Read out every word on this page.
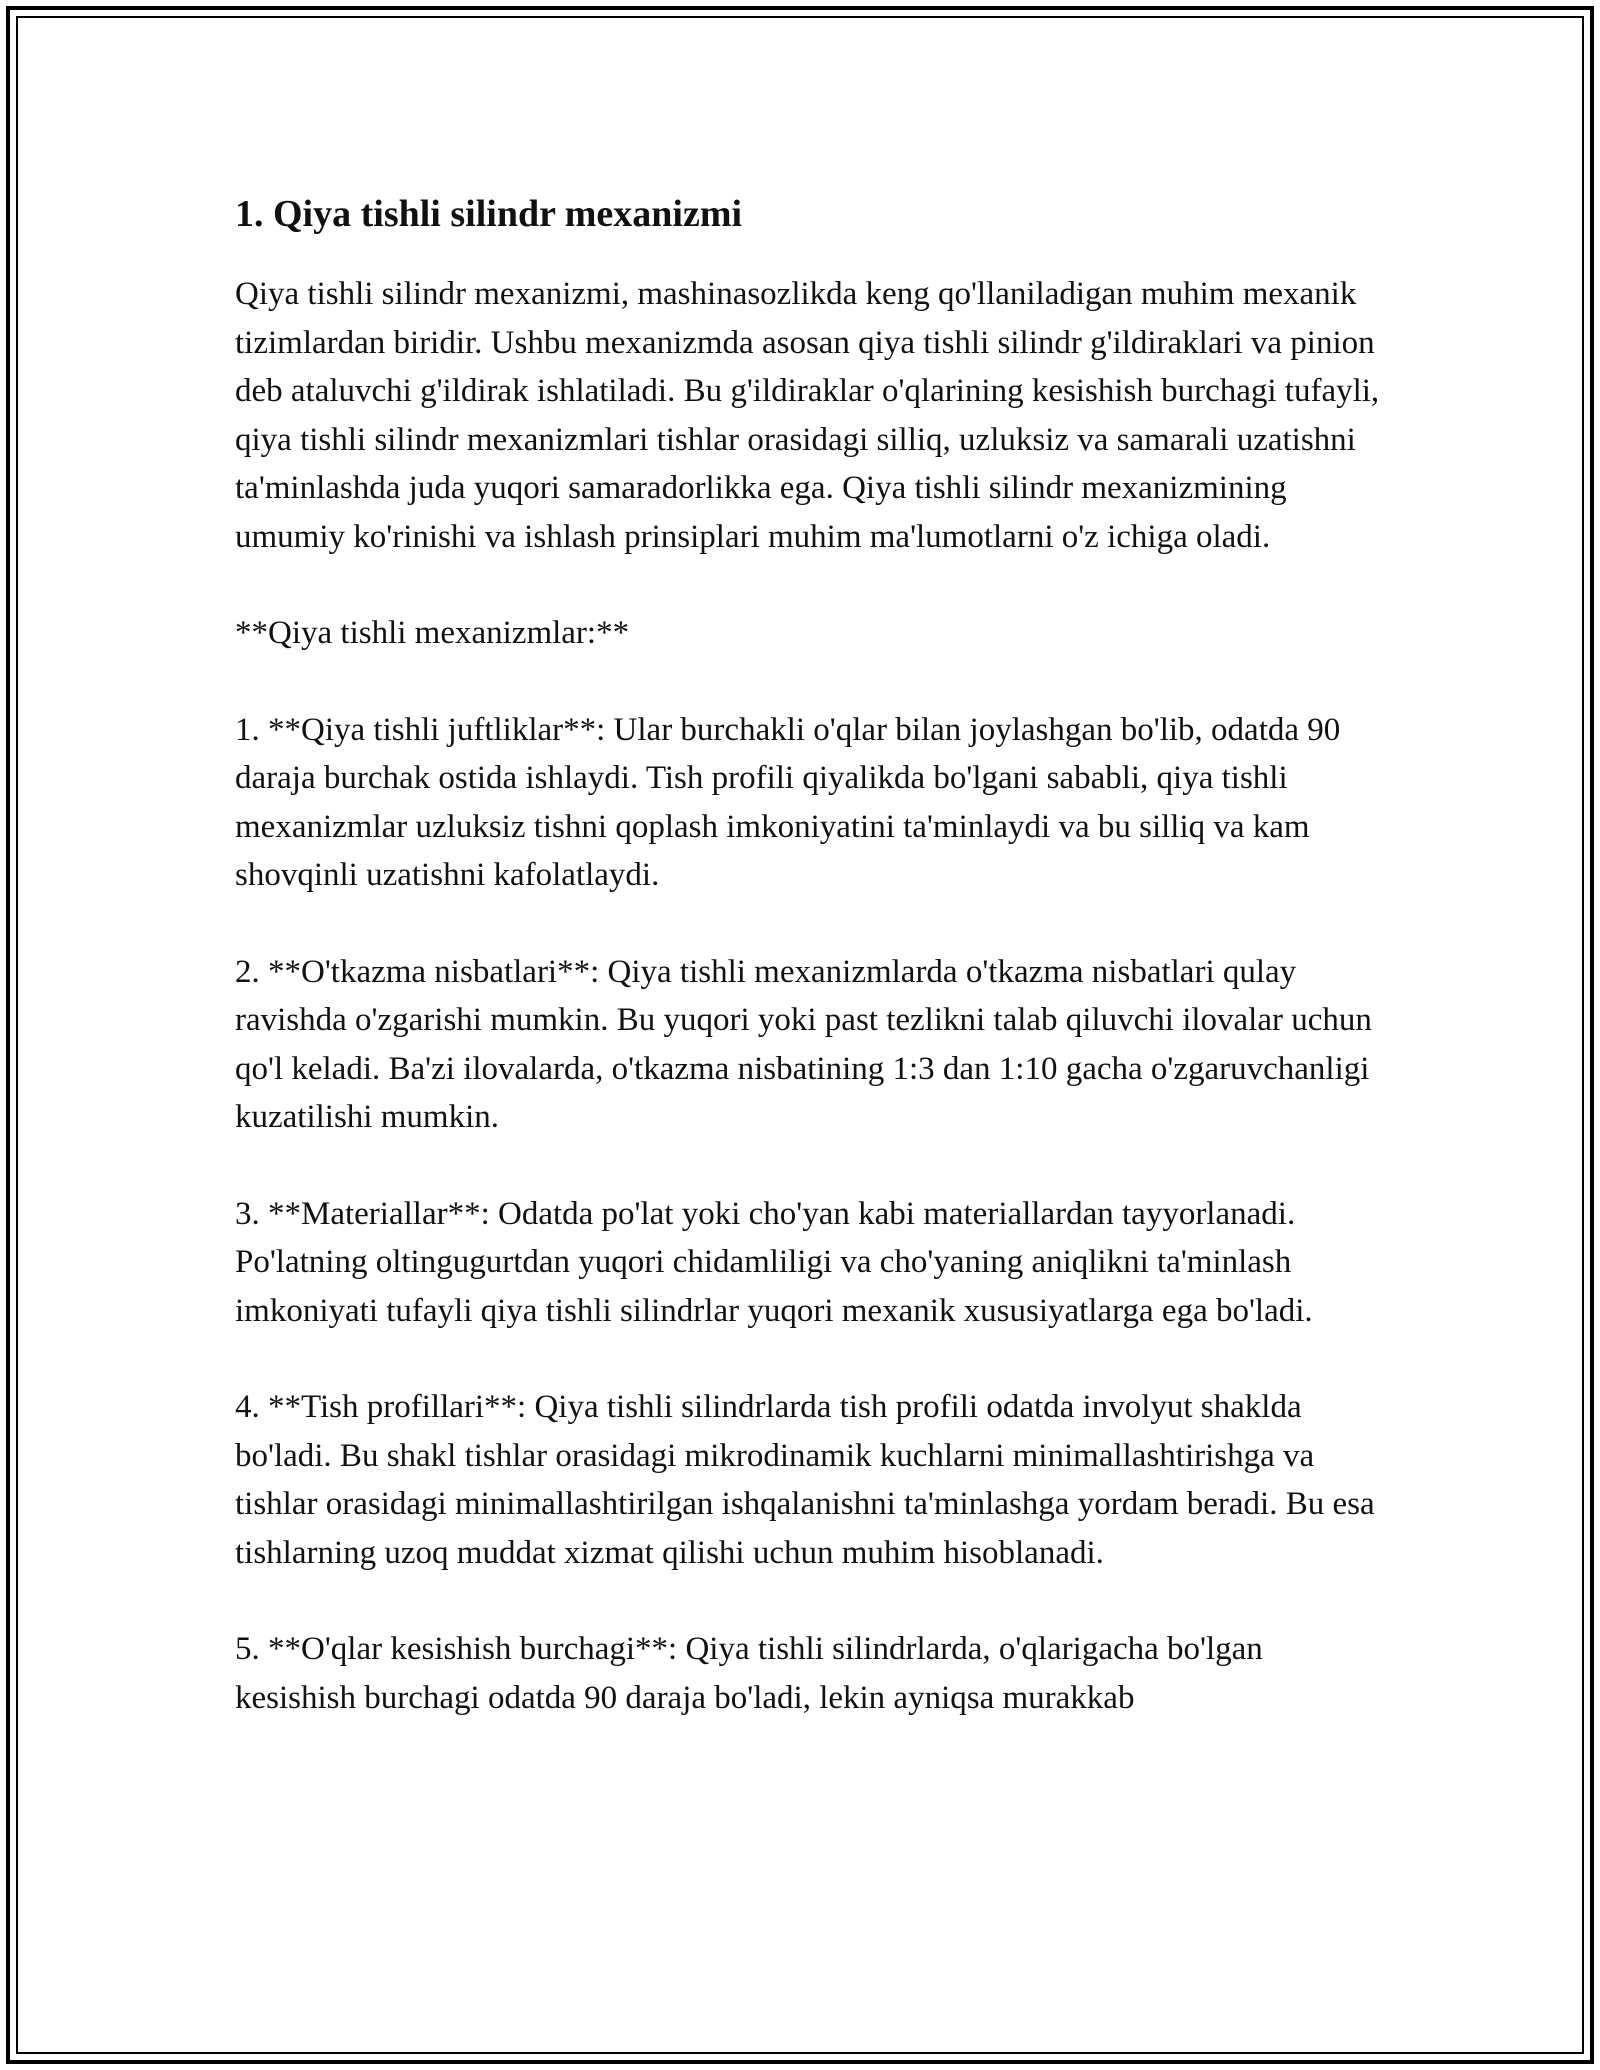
1. Qiya tishli silindr mexanizmi

Qiya tishli silindr mexanizmi, mashinasozlikda keng qo'llaniladigan muhim mexanik tizimlardan biridir. Ushbu mexanizmda asosan qiya tishli silindr g'ildiraklari va pinion deb ataluvchi g'ildirak ishlatiladi. Bu g'ildiraklar o'qlarining kesishish burchagi tufayli, qiya tishli silindr mexanizmlari tishlar orasidagi silliq, uzluksiz va samarali uzatishni ta'minlashda juda yuqori samaradorlikka ega. Qiya tishli silindr mexanizmining umumiy ko'rinishi va ishlash prinsiplari muhim ma'lumotlarni o'z ichiga oladi.

**Qiya tishli mexanizmlar:**

1. **Qiya tishli juftliklar**: Ular burchakli o'qlar bilan joylashgan bo'lib, odatda 90 daraja burchak ostida ishlaydi. Tish profili qiyalikda bo'lgani sababli, qiya tishli mexanizmlar uzluksiz tishni qoplash imkoniyatini ta'minlaydi va bu silliq va kam shovqinli uzatishni kafolatlaydi.

2. **O'tkazma nisbatlari**: Qiya tishli mexanizmlarda o'tkazma nisbatlari qulay ravishda o'zgarishi mumkin. Bu yuqori yoki past tezlikni talab qiluvchi ilovalar uchun qo'l keladi. Ba'zi ilovalarda, o'tkazma nisbatining 1:3 dan 1:10 gacha o'zgaruvchanligi kuzatilishi mumkin.

3. **Materiallar**: Odatda po'lat yoki cho'yan kabi materiallardan tayyorlanadi. Po'latning oltingugurtdan yuqori chidamliligi va cho'yaning aniqlikni ta'minlash imkoniyati tufayli qiya tishli silindrlar yuqori mexanik xususiyatlarga ega bo'ladi.

4. **Tish profillari**: Qiya tishli silindrlarda tish profili odatda involyut shaklda bo'ladi. Bu shakl tishlar orasidagi mikrodinamik kuchlarni minimallashtirishga va tishlar orasidagi minimallashtirilgan ishqalanishni ta'minlashga yordam beradi. Bu esa tishlarning uzoq muddat xizmat qilishi uchun muhim hisoblanadi.

5. **O'qlar kesishish burchagi**: Qiya tishli silindrlarda, o'qlarigacha bo'lgan kesishish burchagi odatda 90 daraja bo'ladi, lekin ayniqsa murakkab
